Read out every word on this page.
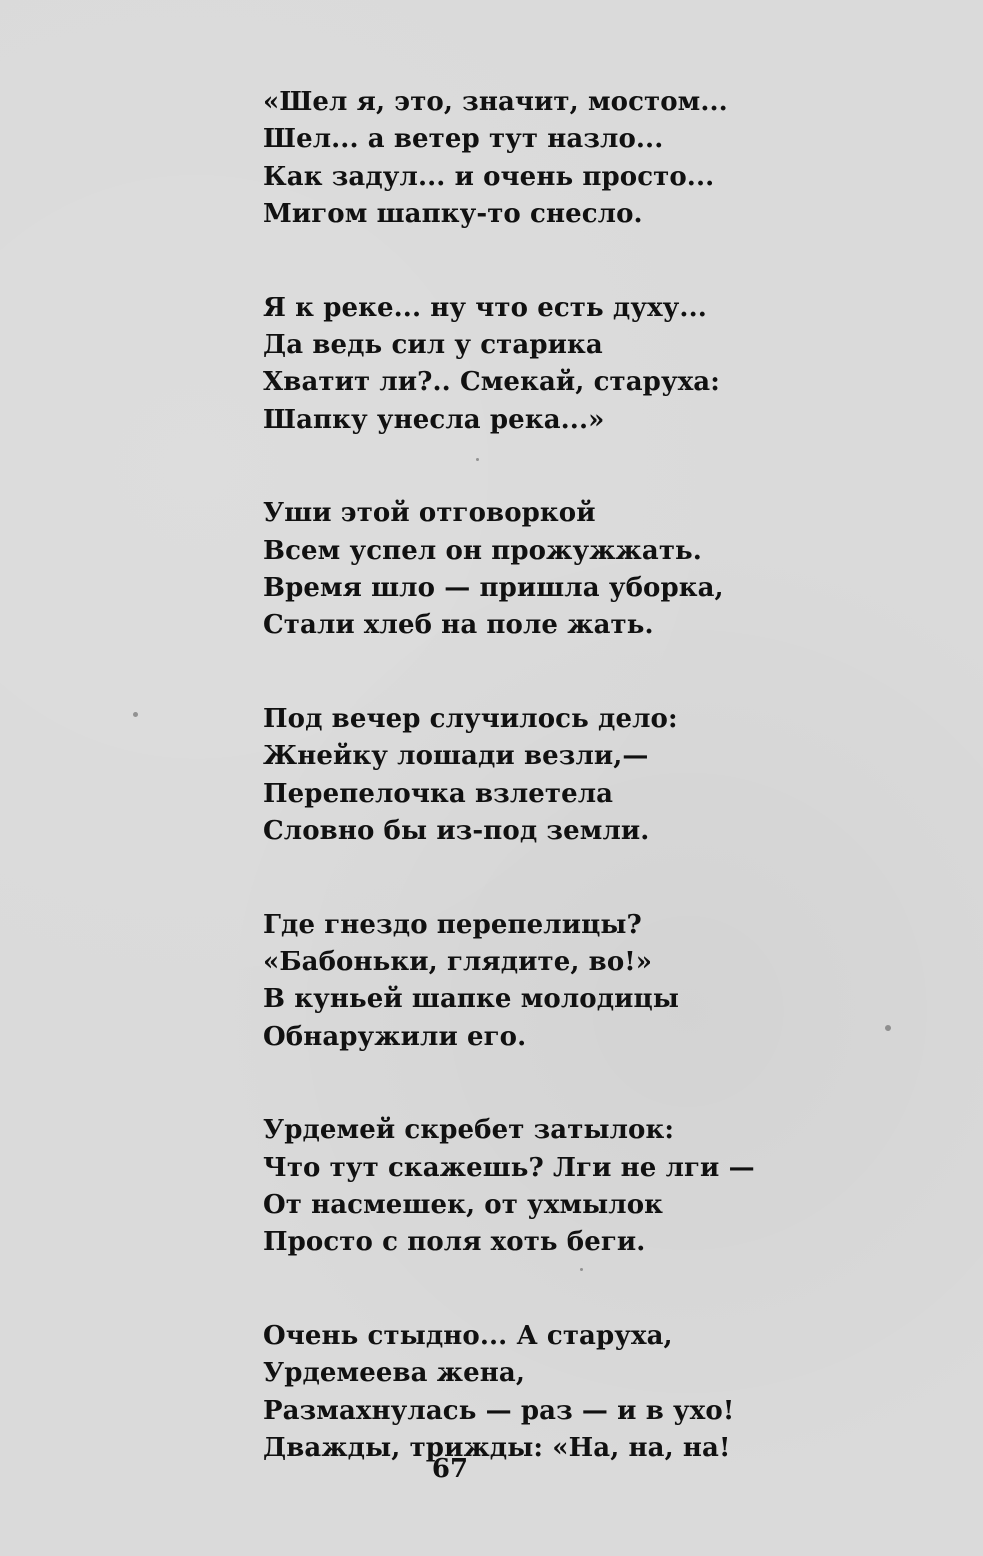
«Шел я, это, значит, мостом...
Шел... а ветер тут назло...
Как задул... и очень просто...
Мигом шапку-то снесло.
Я к реке... ну что есть духу...
Да ведь сил у старика
Хватит ли?.. Смекай, старуха:
Шапку унесла река...»
Уши этой отговоркой
Всем успел он прожужжать.
Время шло — пришла уборка,
Стали хлеб на поле жать.
Под вечер случилось дело:
Жнейку лошади везли,—
Перепелочка взлетела
Словно бы из-под земли.
Где гнездо перепелицы?
«Бабоньки, глядите, во!»
В куньей шапке молодицы
Обнаружили его.
Урдемей скребет затылок:
Что тут скажешь? Лги не лги —
От насмешек, от ухмылок
Просто с поля хоть беги.
Очень стыдно... А старуха,
Урдемеева жена,
Размахнулась — раз — и в ухо!
Дважды, трижды: «На, на, на!
67
